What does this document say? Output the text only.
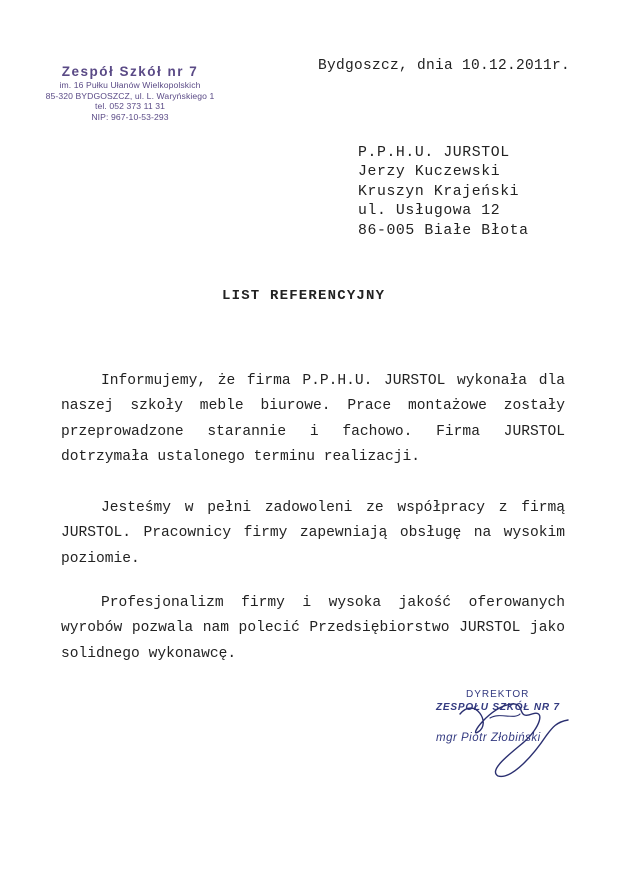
Zespół Szkół nr 7
im. 16 Pułku Ułanów Wielkopolskich
85-320 BYDGOSZCZ, ul. L. Waryńskiego 1
tel. 052 373 11 31
NIP: 967-10-53-293
Bydgoszcz, dnia 10.12.2011r.
P.P.H.U. JURSTOL
Jerzy Kuczewski
Kruszyn Krajeński
ul. Usługowa 12
86-005 Białe Błota
LIST REFERENCYJNY

Informujemy, że firma P.P.H.U. JURSTOL wykonała dla naszej szkoły meble biurowe. Prace montażowe zostały przeprowadzone starannie i fachowo. Firma JURSTOL dotrzymała ustalonego terminu realizacji.

Jesteśmy w pełni zadowoleni ze współpracy z firmą JURSTOL. Pracownicy firmy zapewniają obsługę na wysokim poziomie.

Profesjonalizm firmy i wysoka jakość oferowanych wyrobów pozwala nam polecić Przedsiębiorstwo JURSTOL jako solidnego wykonawcę.

DYREKTOR
ZESPOŁU SZKÓŁ NR 7
mgr Piotr Złobiński
